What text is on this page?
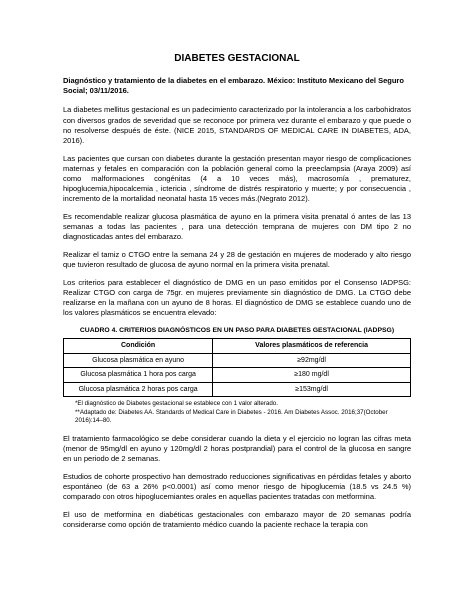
DIABETES GESTACIONAL
Diagnóstico y tratamiento de la diabetes en el embarazo. México: Instituto Mexicano del Seguro Social; 03/11/2016.

La diabetes mellitus gestacional es un padecimiento caracterizado por la intolerancia a los carbohidratos con diversos grados de severidad que se reconoce por primera vez durante el embarazo y que puede o no resolverse después de éste. (NICE 2015, STANDARDS OF MEDICAL CARE IN DIABETES, ADA, 2016).

Las pacientes que cursan con diabetes durante la gestación presentan mayor riesgo de complicaciones maternas y fetales en comparación con la población general como la preeclampsia (Araya 2009) así como malformaciones congénitas (4 a 10 veces más), macrosomía , prematurez, hipoglucemia,hipocalcemia , ictericia , síndrome de distrés respiratorio y muerte; y por consecuencia , incremento de la mortalidad neonatal hasta 15 veces más.(Negrato 2012).

Es recomendable realizar glucosa plasmática de ayuno en la primera visita prenatal ó antes de las 13 semanas a todas las pacientes , para una detección temprana de mujeres con DM tipo 2 no diagnosticadas antes del embarazo.

Realizar el tamiz o CTGO entre la semana 24 y 28 de gestación en mujeres de moderado y alto riesgo que tuvieron resultado de glucosa de ayuno normal en la primera visita prenatal.

Los criterios para establecer el diagnóstico de DMG en un paso emitidos por el Consenso IADPSG: Realizar CTGO con carga de 75gr. en mujeres previamente sin diagnóstico de DMG. La CTGO debe realizarse en la mañana con un ayuno de 8 horas. El diagnóstico de DMG se establece cuando uno de los valores plasmáticos se encuentra elevado:

CUADRO 4. CRITERIOS DIAGNÓSTICOS EN UN PASO PARA DIABETES GESTACIONAL (IADPSG)
Condición	Valores plasmáticos de referencia
Glucosa plasmática en ayuno	≥92mg/dl
Glucosa plasmática 1 hora pos carga	≥180 mg/dl
Glucosa plasmática 2 horas pos carga	≥153mg/dl
*El diagnóstico de Diabetes gestacional se establece con 1 valor alterado.
**Adaptado de: Diabetes AA. Standards of Medical Care in Diabetes - 2016. Am Diabetes Assoc. 2016;37(October 2016):14–80.

El tratamiento farmacológico se debe considerar cuando la dieta y el ejercicio no logran las cifras meta (menor de 95mg/dl en ayuno y 120mg/dl 2 horas postprandial) para el control de la glucosa en sangre en un periodo de 2 semanas.

Estudios de cohorte prospectivo han demostrado reducciones significativas en pérdidas fetales y aborto espontáneo (de 63 a 26% p<0.0001) así como menor riesgo de hipoglucemia (18.5 vs 24.5 %) comparado con otros hipoglucemiantes orales en aquellas pacientes tratadas con metformina.

El uso de metformina en diabéticas gestacionales con embarazo mayor de 20 semanas podría considerarse como opción de tratamiento médico cuando la paciente rechace la terapia con
